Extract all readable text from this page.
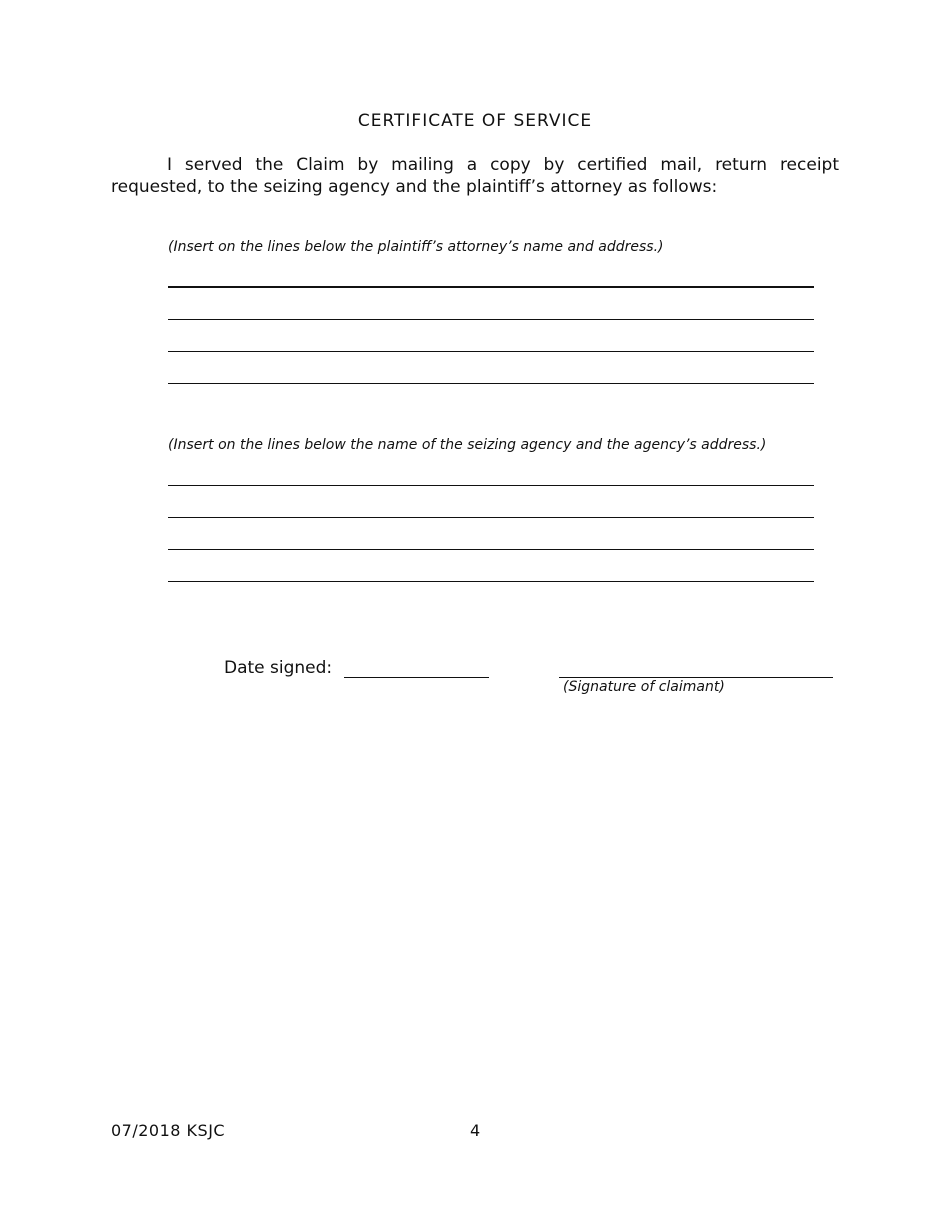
CERTIFICATE OF SERVICE
I served the Claim by mailing a copy by certified mail, return receipt requested, to the seizing agency and the plaintiff’s attorney as follows:
(Insert on the lines below the plaintiff’s attorney’s name and address.)
(Insert on the lines below the name of the seizing agency and the agency’s address.)
Date signed:
(Signature of claimant)
07/2018 KSJC	4
